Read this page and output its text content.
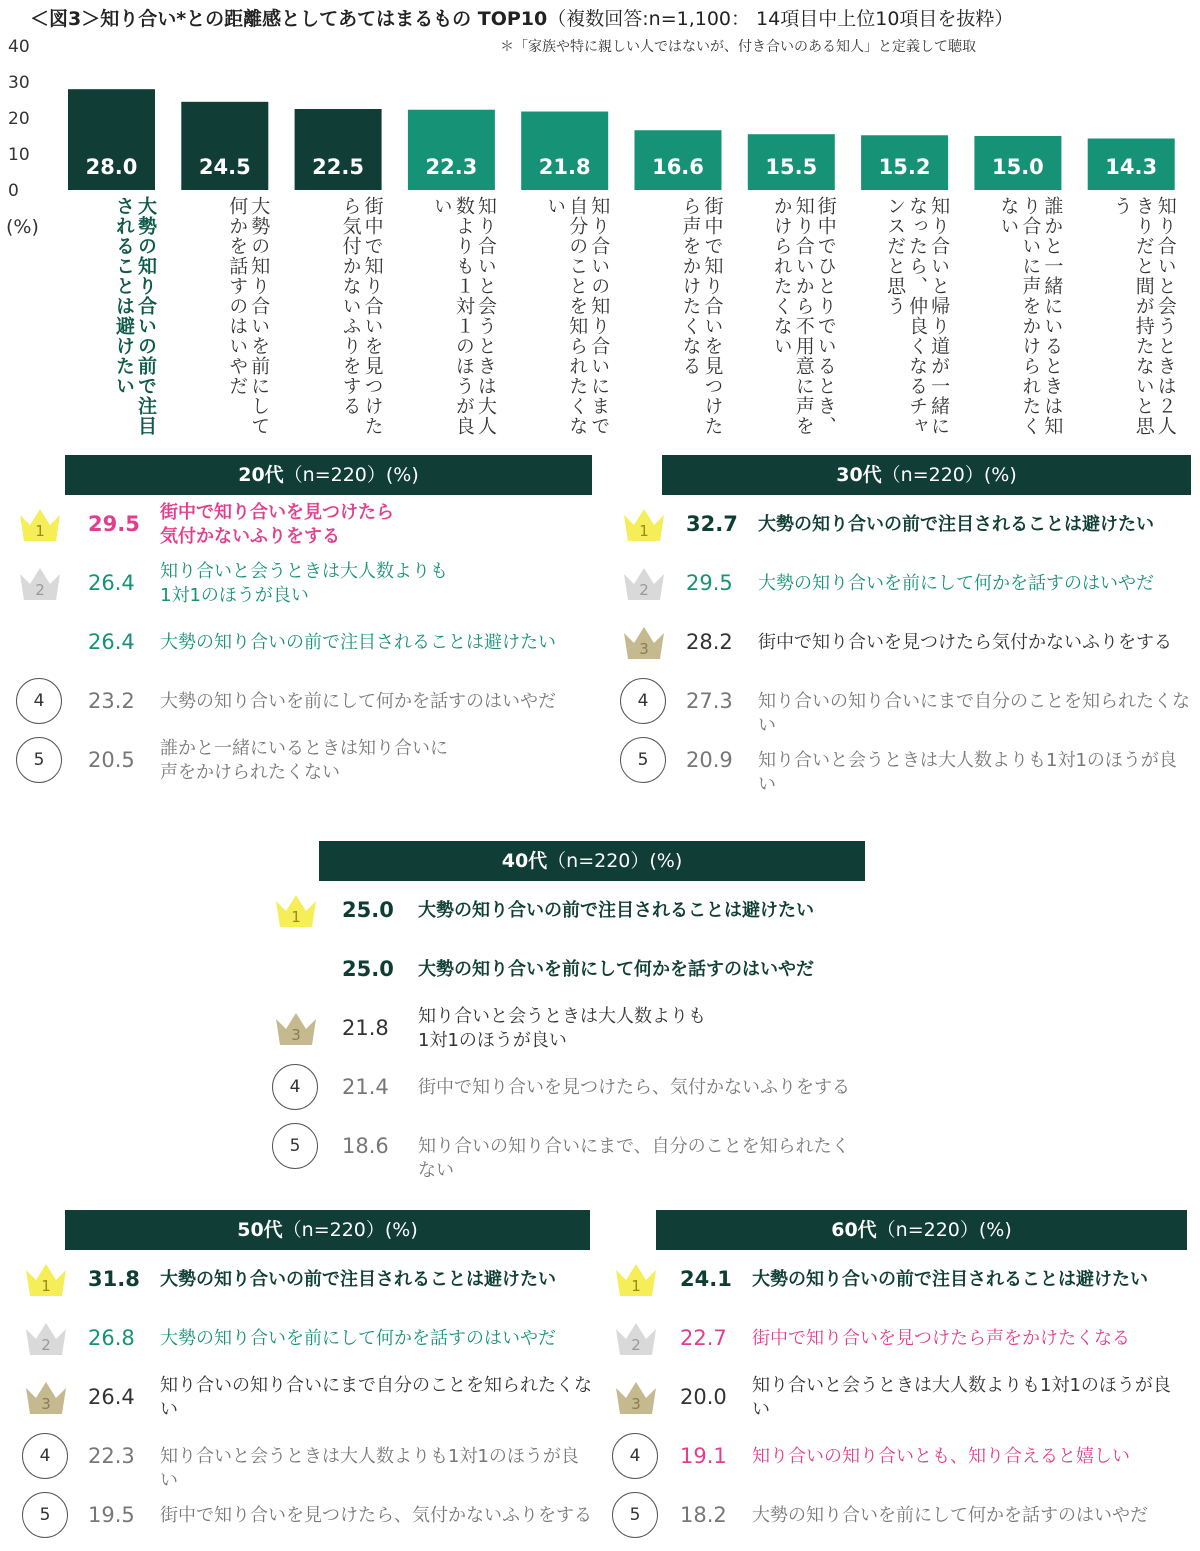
＜図3＞知り合い*との距離感としてあてはまるもの TOP10（複数回答:n=1,100： 14項目中上位10項目を抜粋）
＊「家族や特に親しい人ではないが、付き合いのある知人」と定義して聴取
0
10
20
30
40
28.0	24.5	22.5	22.3	21.8	16.6	15.5	15.2	15.0	14.3
大勢の知り合いの前で注目されることは避けたい	大勢の知り合いを前にして何かを話すのはいやだ	街中で知り合いを見つけたら気付かないふりをする	知り合いと会うときは大人数よりも１対１のほうが良い	知り合いの知り合いにまで自分のことを知られたくない	街中で知り合いを見つけたら声をかけたくなる	街中でひとりでいるとき、知り合いから不用意に声をかけられたくない	知り合いと帰り道が一緒になったら、仲良くなるチャンスだと思う	誰かと一緒にいるときは知り合いに声をかけられたくない	知り合いと会うときは２人きりだと間が持たないと思う
20代（n=220）(%)
1 29.5 街中で知り合いを見つけたら
気付かないふりをする
2 26.4 知り合いと会うときは大人数よりも
1対1のほうが良い
26.4 大勢の知り合いの前で注目されることは避けたい
4	23.2 大勢の知り合いを前にして何かを話すのはいやだ
5	20.5 誰かと一緒にいるときは知り合いに
声をかけられたくない
30代（n=220）(%)
1 32.7 大勢の知り合いの前で注目されることは避けたい
2 29.5 大勢の知り合いを前にして何かを話すのはいやだ
3 28.2 街中で知り合いを見つけたら気付かないふりをする
4	27.3 知り合いの知り合いにまで自分のことを知られたくない
5	20.9 知り合いと会うときは大人数よりも1対1のほうが良い
40代（n=220）(%)
1 25.0 大勢の知り合いの前で注目されることは避けたい
25.0 大勢の知り合いを前にして何かを話すのはいやだ
3 21.8 知り合いと会うときは大人数よりも
1対1のほうが良い
4	21.4 街中で知り合いを見つけたら、気付かないふりをする
5	18.6 知り合いの知り合いにまで、自分のことを知られたくない
50代（n=220）(%)
1 31.8 大勢の知り合いの前で注目されることは避けたい
2 26.8 大勢の知り合いを前にして何かを話すのはいやだ
3 26.4 知り合いの知り合いにまで自分のことを知られたくな
い
4	22.3 知り合いと会うときは大人数よりも1対1のほうが良い
5	19.5 街中で知り合いを見つけたら、気付かないふりをする
60代（n=220）(%)
1 24.1 大勢の知り合いの前で注目されることは避けたい
2 22.7 街中で知り合いを見つけたら声をかけたくなる
3 20.0 知り合いと会うときは大人数よりも1対1のほうが良
い
4	19.1 知り合いの知り合いとも、知り合えると嬉しい
5	18.2 大勢の知り合いを前にして何かを話すのはいやだ
(%)
